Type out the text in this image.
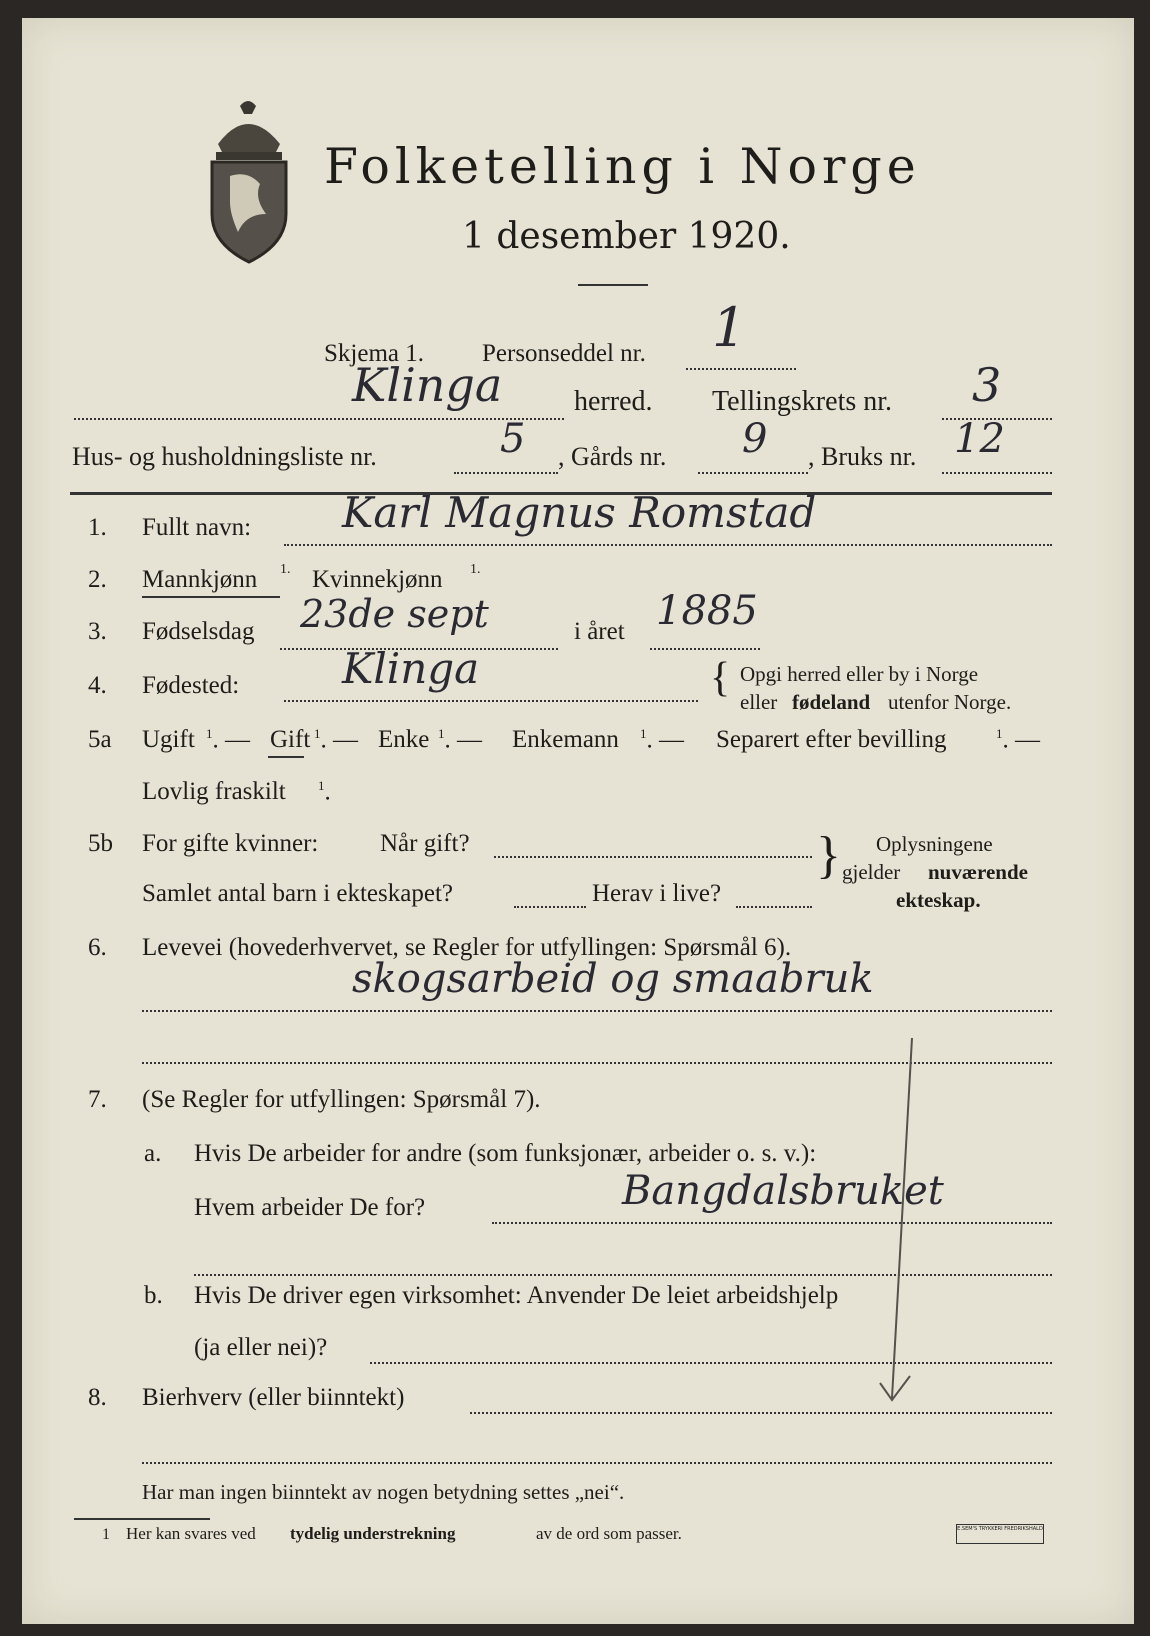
Folketelling i Norge
1 desember 1920.
Skjema 1. Personseddel nr. 1
Klinga	herred. Tellingskrets nr. 3
Hus- og husholdningsliste nr.	5 , Gårds nr. 9 , Bruks nr. 12
1. Fullt navn: Karl Magnus Romstad
2. Mannkjønn 1. Kvinnekjønn 1.
3. Fødselsdag 23de sept	i året 1885
4. Fødested: Klinga	{ Opgi herred eller by i Norge
eller fødeland utenfor Norge.
5a Ugift $^1$. — Gift $^1$. — Enke $^1$. — Enkemann $^1$. — Separert efter bevilling	$^1$. —
Lovlig fraskilt $^1$.
5b For gifte kvinner: Når gift?
Samlet antal barn i ekteskapet?	Herav i live?
} Oplysningene
gjelder nuværende
ekteskap.
6. Levevei (hovederhvervet, se Regler for utfyllingen: Spørsmål 6).
skogsarbeid og smaabruk
7. (Se Regler for utfyllingen: Spørsmål 7).
a. Hvis De arbeider for andre (som funksjonær, arbeider o. s. v.):
Hvem arbeider De for?	Bangdalsbruket
b. Hvis De driver egen virksomhet: Anvender De leiet arbeidshjelp
(ja eller nei)?
8. Bierhverv (eller biinntekt)
Har man ingen biinntekt av nogen betydning settes „nei“.
1 Her kan svares ved tydelig understrekning	av de ord som passer.	E.SEM'S TRYKKERI FREDRIKSHALD
